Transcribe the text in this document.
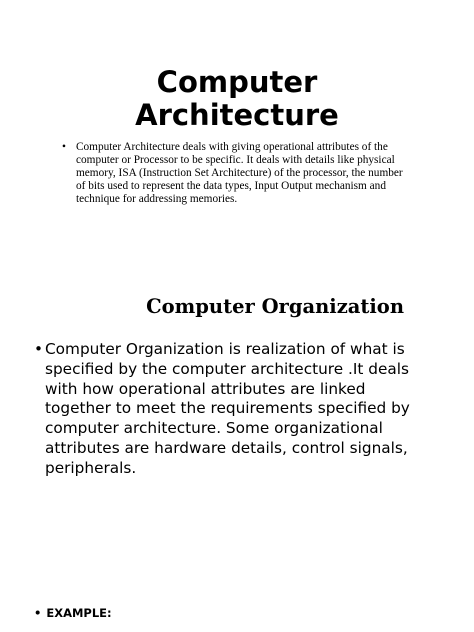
Computer
Architecture
• Computer Architecture deals with giving operational attributes of the computer or Processor to be specific. It deals with details like physical memory, ISA (Instruction Set Architecture) of the processor, the number of bits used to represent the data types, Input Output mechanism and technique for addressing memories.
Computer Organization
• Computer Organization is realization of what is specified by the computer architecture .It deals with how operational attributes are linked together to meet the requirements specified by computer architecture. Some organizational attributes are hardware details, control signals, peripherals.
• EXAMPLE:
